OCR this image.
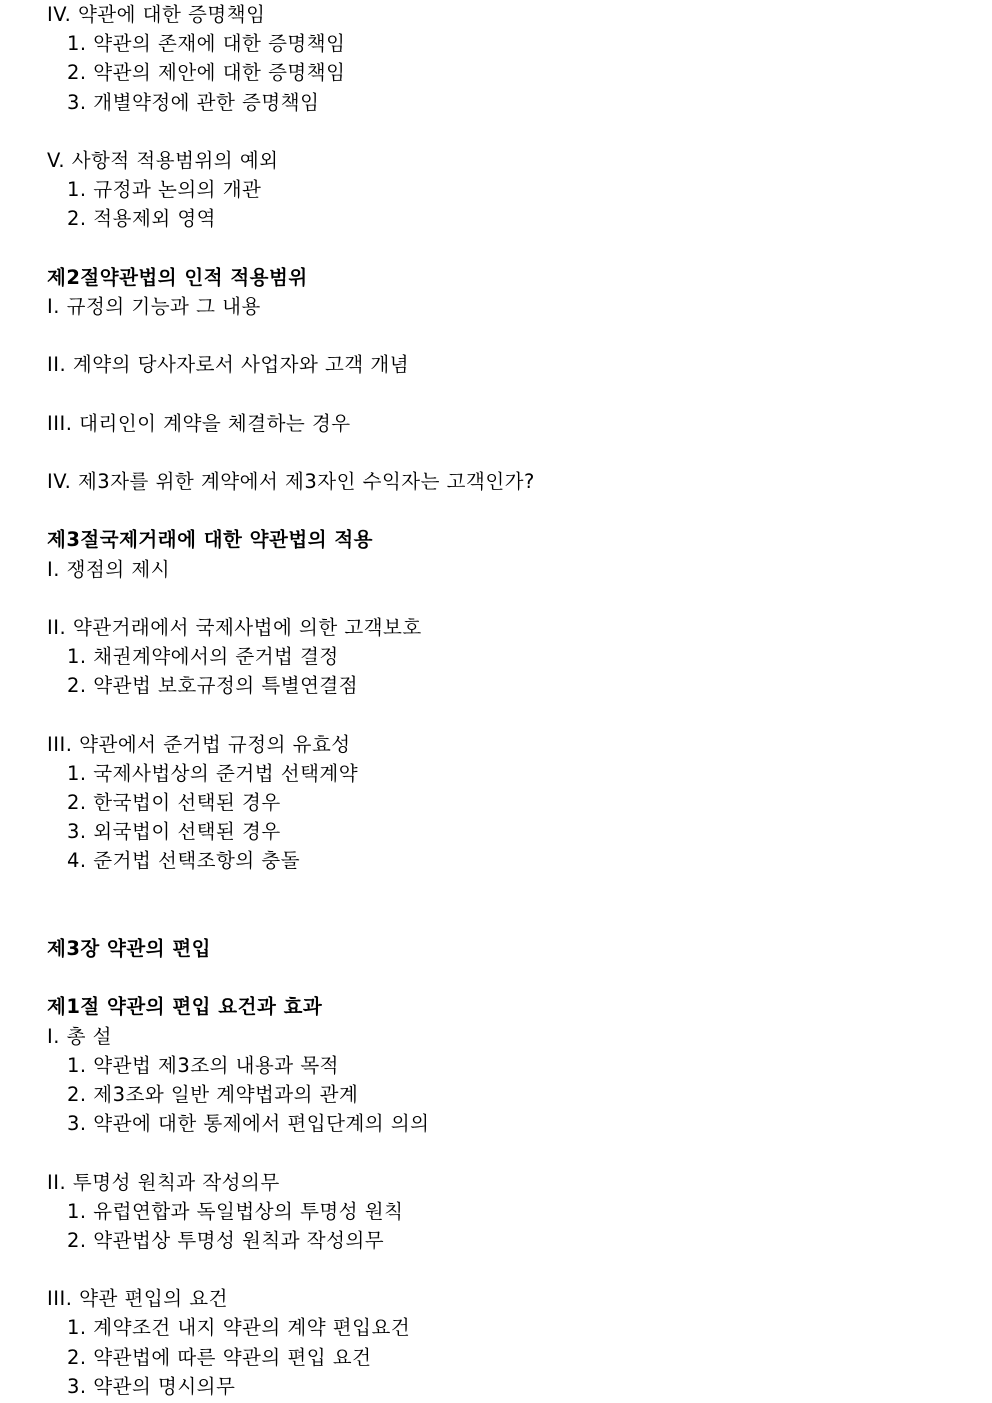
IV. 약관에 대한 증명책임
1. 약관의 존재에 대한 증명책임
2. 약관의 제안에 대한 증명책임
3. 개별약정에 관한 증명책임
V. 사항적 적용범위의 예외
1. 규정과 논의의 개관
2. 적용제외 영역
제2절약관법의 인적 적용범위
I. 규정의 기능과 그 내용
II. 계약의 당사자로서 사업자와 고객 개념
III. 대리인이 계약을 체결하는 경우
IV. 제3자를 위한 계약에서 제3자인 수익자는 고객인가?
제3절국제거래에 대한 약관법의 적용
I. 쟁점의 제시
II. 약관거래에서 국제사법에 의한 고객보호
1. 채권계약에서의 준거법 결정
2. 약관법 보호규정의 특별연결점
III. 약관에서 준거법 규정의 유효성
1. 국제사법상의 준거법 선택계약
2. 한국법이 선택된 경우
3. 외국법이 선택된 경우
4. 준거법 선택조항의 충돌
제3장 약관의 편입
제1절 약관의 편입 요건과 효과
I. 총 설
1. 약관법 제3조의 내용과 목적
2. 제3조와 일반 계약법과의 관계
3. 약관에 대한 통제에서 편입단계의 의의
II. 투명성 원칙과 작성의무
1. 유럽연합과 독일법상의 투명성 원칙
2. 약관법상 투명성 원칙과 작성의무
III. 약관 편입의 요건
1. 계약조건 내지 약관의 계약 편입요건
2. 약관법에 따른 약관의 편입 요건
3. 약관의 명시의무
